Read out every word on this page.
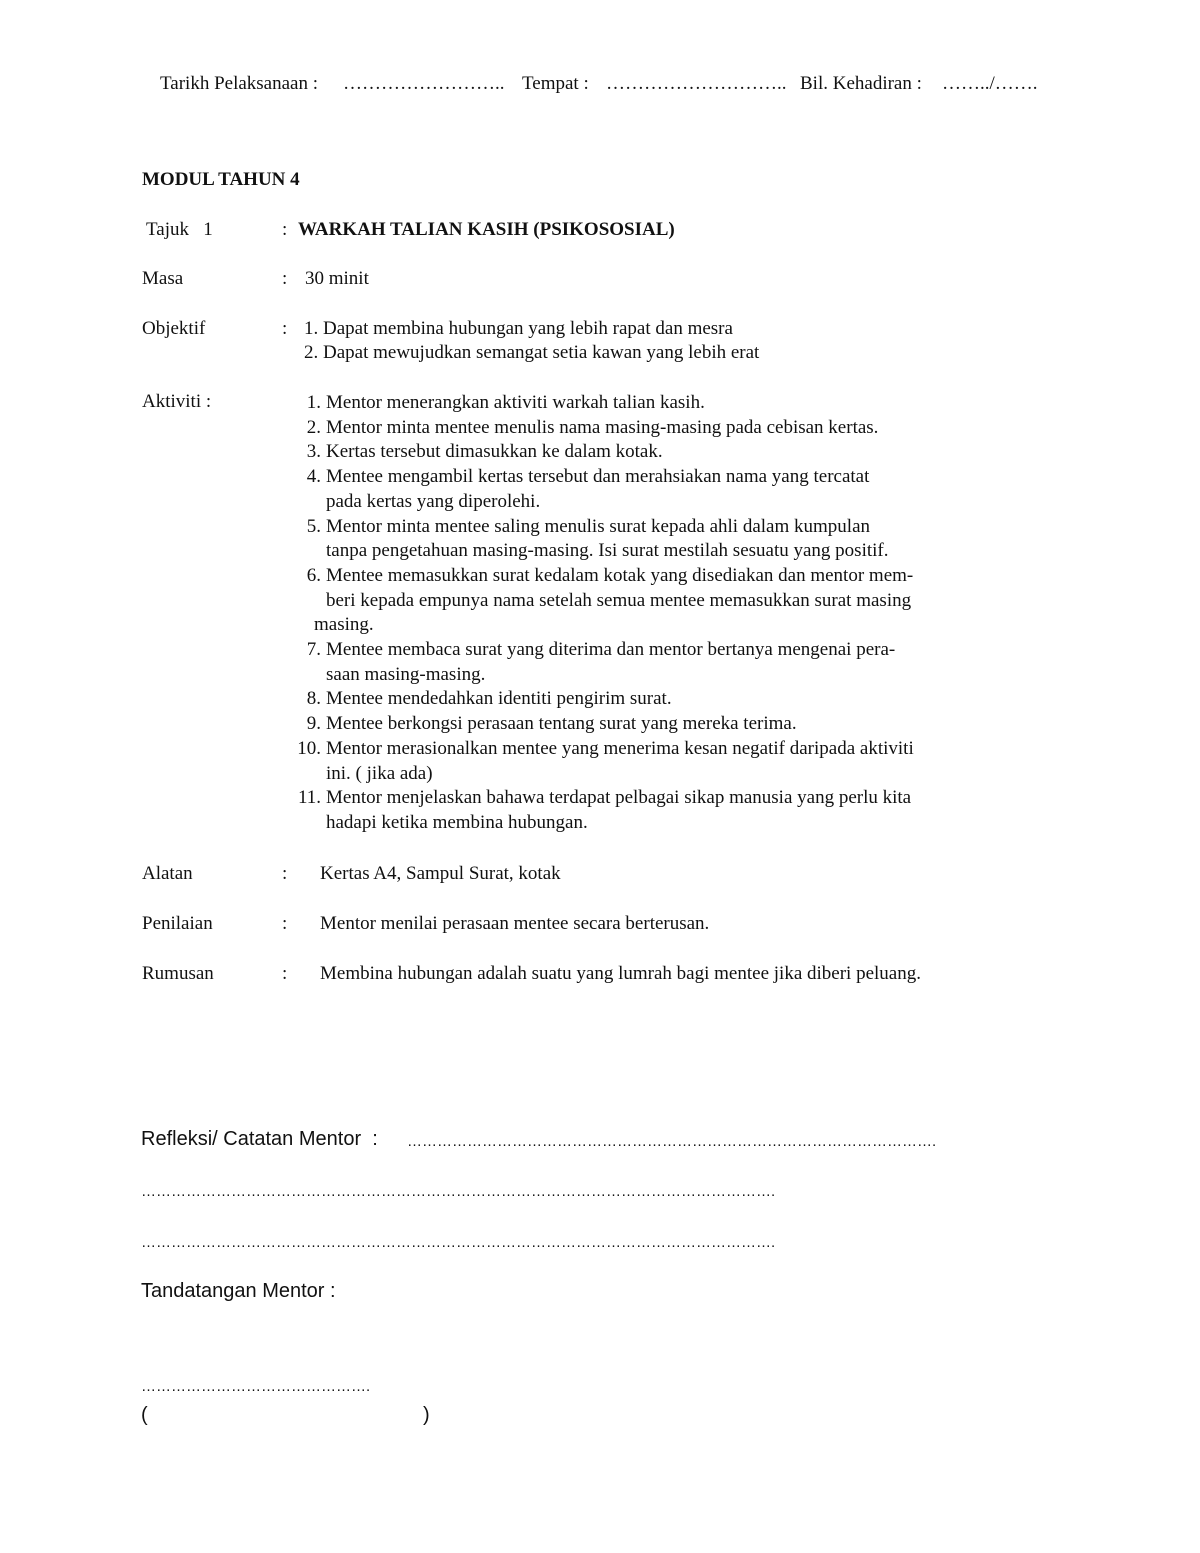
Tarikh Pelaksanaan : …………………….. Tempat : ……………………….. Bil. Kehadiran : ……../…….
MODUL TAHUN 4
Tajuk   1	: WARKAH TALIAN KASIH (PSIKOSOSIAL)
Masa	: 30 minit
Objektif	: 1. Dapat membina hubungan yang lebih rapat dan mesra
2. Dapat mewujudkan semangat setia kawan yang lebih erat
Aktiviti :	1. Mentor menerangkan aktiviti warkah talian kasih.
2. Mentor minta mentee menulis nama masing-masing pada cebisan kertas.
3. Kertas tersebut dimasukkan ke dalam kotak.
4. Mentee mengambil kertas tersebut dan merahsiakan nama yang tercatat
pada kertas yang diperolehi.
5. Mentor minta mentee saling menulis surat kepada ahli dalam kumpulan
tanpa pengetahuan masing-masing. Isi surat mestilah sesuatu yang positif.
6. Mentee memasukkan surat kedalam kotak yang disediakan dan mentor mem-
beri kepada empunya nama setelah semua mentee memasukkan surat masing
masing.
7. Mentee membaca surat yang diterima dan mentor bertanya mengenai pera-
saan masing-masing.
8. Mentee mendedahkan identiti pengirim surat.
9. Mentee berkongsi perasaan tentang surat yang mereka terima.
10. Mentor merasionalkan mentee yang menerima kesan negatif daripada aktiviti
ini. ( jika ada)
11. Mentor menjelaskan bahawa terdapat pelbagai sikap manusia yang perlu kita
hadapi ketika membina hubungan.
Alatan	: Kertas A4, Sampul Surat, kotak
Penilaian	: Mentor menilai perasaan mentee secara berterusan.
Rumusan	: Membina hubungan adalah suatu yang lumrah bagi mentee jika diberi peluang.
Refleksi/ Catatan Mentor  : …………………………………………………………………………………………….
……………………………………………………………………………………………………………….
……………………………………………………………………………………………………………….
Tandatangan Mentor :
……………………………………….
(	)
